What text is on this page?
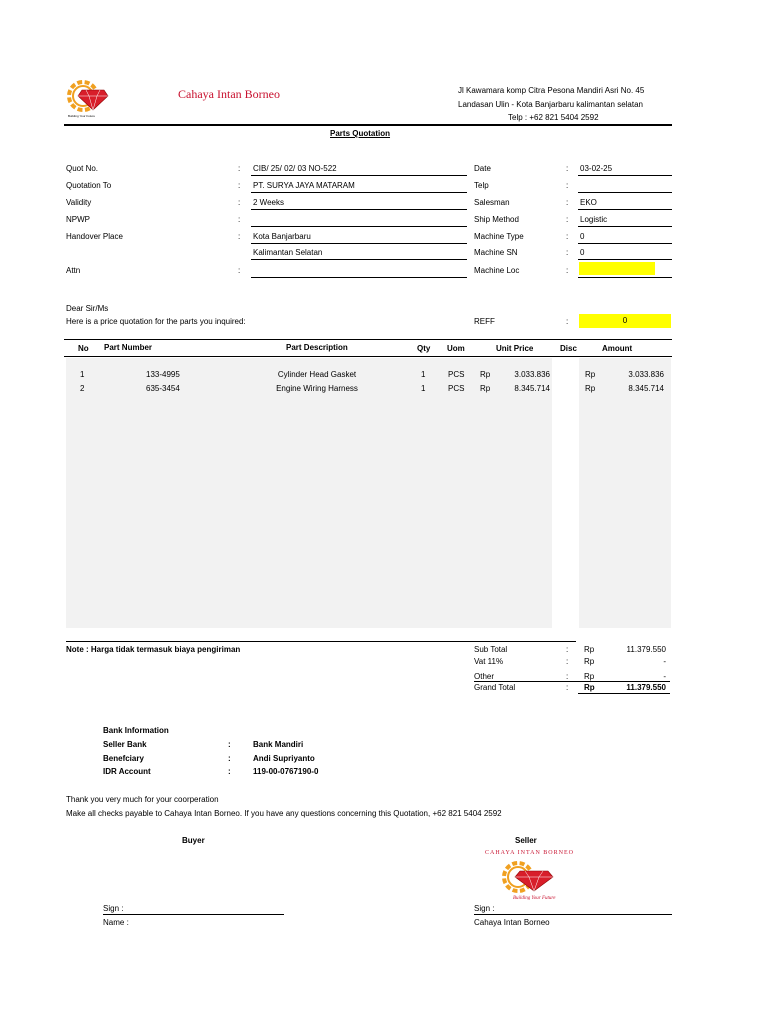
Building Your Future
Cahaya Intan Borneo	Jl Kawamara komp Citra Pesona Mandiri Asri No. 45
Landasan Ulin - Kota Banjarbaru kalimantan selatan
Telp : +62 821 5404 2592
Parts Quotation
Quot No.	: CIB/ 25/ 02/ 03 NO-522
Quotation To	: PT. SURYA JAYA MATARAM
Validity	: 2 Weeks
NPWP	:
Handover Place	: Kota Banjarbaru
Kalimantan Selatan
Attn	:
Date	: 03-02-25
Telp	:
Salesman	: EKO
Ship Method	: Logistic
Machine Type	: 0
Machine SN	: 0
Machine Loc	:
Dear Sir/Ms
Here is a price quotation for the parts you inquired:	REFF	:	0
No Part Number	Part Description	Qty Uom	Unit Price	Disc	Amount
1	133-4995	Cylinder Head Gasket	1	PCS Rp	3.033.836	Rp	3.033.836
2	635-3454	Engine Wiring Harness	1	PCS Rp	8.345.714	Rp	8.345.714
Note : Harga tidak termasuk biaya pengiriman	Sub Total	: Rp	11.379.550
Vat 11%	: Rp	-
Other	: Rp	-
Grand Total	: Rp	11.379.550
Bank Information
Seller Bank	:	Bank Mandiri
Benefciary	:	Andi Supriyanto
IDR Account	:	119-00-0767190-0
Thank you very much for your coorperation
Make all checks payable to Cahaya Intan Borneo. If you have any questions concerning this Quotation, +62 821 5404 2592
Buyer	Seller
CAHAYA INTAN BORNEO
Building Your Future
Sign :
Name :
Sign :
Cahaya Intan Borneo
